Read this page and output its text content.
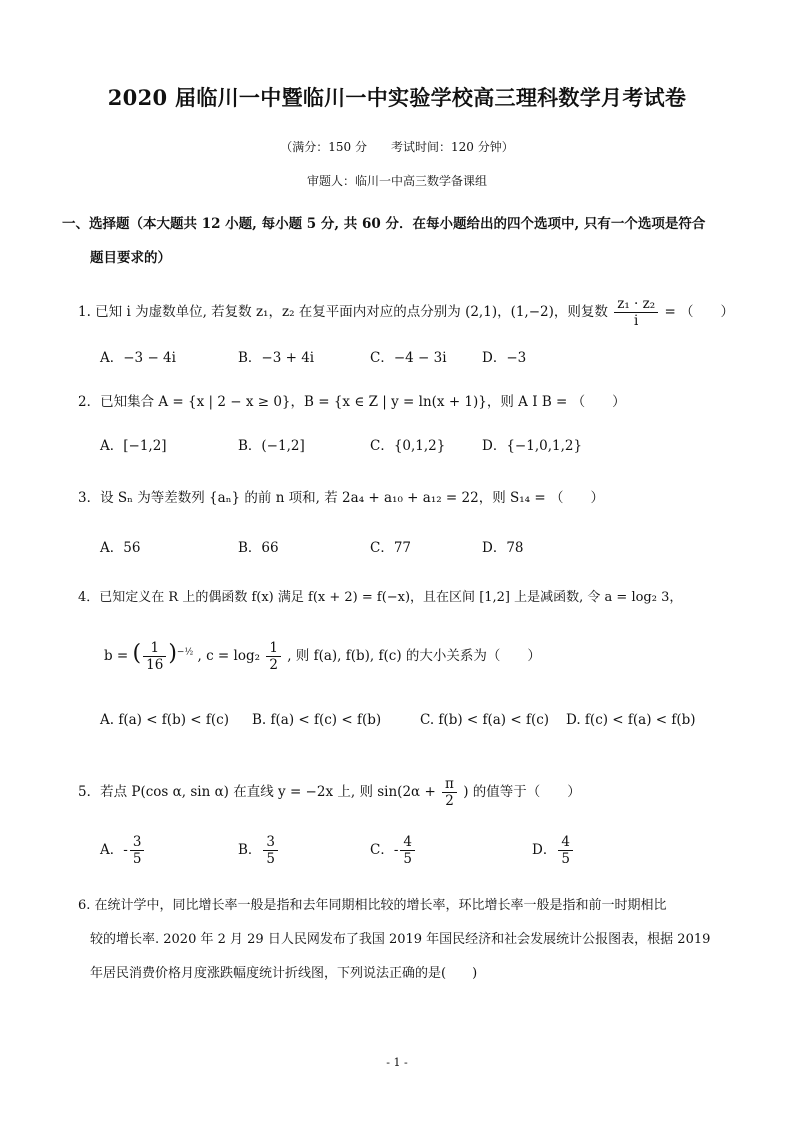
2020 届临川一中暨临川一中实验学校高三理科数学月考试卷
（满分：150 分　　考试时间：120 分钟）
审题人：临川一中高三数学备课组
一、选择题（本大题共 12 小题, 每小题 5 分, 共 60 分．在每小题给出的四个选项中, 只有一个选项是符合
题目要求的）
1. 已知 i 为虚数单位, 若复数 z₁，z₂ 在复平面内对应的点分别为 (2,1)，(1,−2)，则复数 $\frac{\text{z₁ · z₂}}{i}$ = （　　）
A．−3 − 4i	B．−3 + 4i	C．−4 − 3i	D．−3
2．已知集合 A = {x | 2 − x ≥ 0}，B = {x ∈ Z | y = ln(x + 1)}，则 A I B = （　　）
A．[−1,2]	B．(−1,2]	C．{0,1,2}	D．{−1,0,1,2}
3．设 Sₙ 为等差数列 {aₙ} 的前 n 项和, 若 2a₄ + a₁₀ + a₁₂ = 22，则 S₁₄ = （　　）
A．56	B．66	C．77	D．78
4．已知定义在 R 上的偶函数 f(x) 满足 f(x + 2) = f(−x)，且在区间 [1,2] 上是减函数, 令 a = log₂ 3，
b = ( $\frac{1}{16} )^{-\frac{1}{2}}$ , $c = \log_2 \frac{1}{2}$ , 则 f(a), f(b), f(c) 的大小关系为（　　）
A. f(a) < f(b) < f(c) B. f(a) < f(c) < f(b)	C. f(b) < f(a) < f(c) D. f(c) < f(a) < f(b)
5．若点 P(cos α, sin α) 在直线 y = −2x 上, 则 $\sin(2\alpha + \frac{\pi}{2}$ ) 的值等于（　　）
A．- $\frac{3}{5}$	B． $\frac{3}{5}$	C．- $\frac{4}{5}$	D． $\frac{4}{5}$
6. 在统计学中，同比增长率一般是指和去年同期相比较的增长率，环比增长率一般是指和前一时期相比
较的增长率. 2020 年 2 月 29 日人民网发布了我国 2019 年国民经济和社会发展统计公报图表，根据 2019
年居民消费价格月度涨跌幅度统计折线图，下列说法正确的是(　　)
- 1 -
